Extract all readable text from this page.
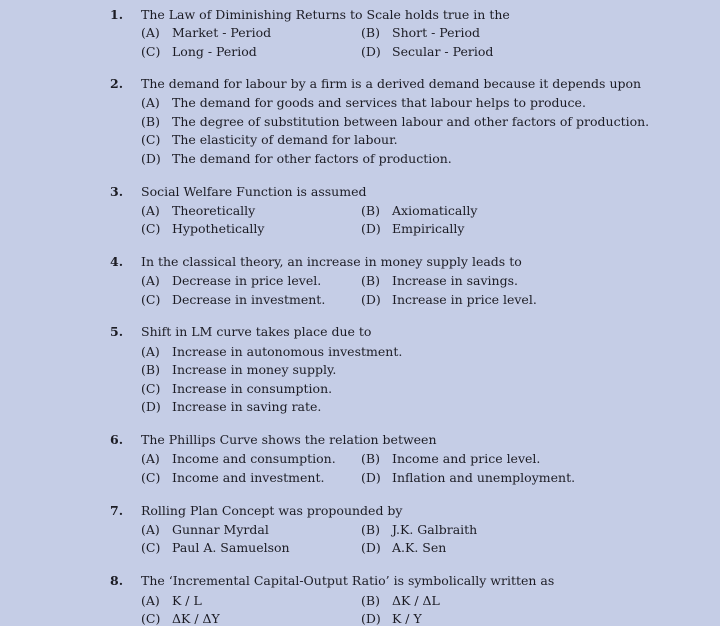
1. The Law of Diminishing Returns to Scale holds true in the
(A) Market - Period	(B) Short - Period
(C) Long - Period	(D) Secular - Period
2. The demand for labour by a firm is a derived demand because it depends upon
(A) The demand for goods and services that labour helps to produce.
(B) The degree of substitution between labour and other factors of production.
(C) The elasticity of demand for labour.
(D) The demand for other factors of production.
3. Social Welfare Function is assumed
(A) Theoretically	(B) Axiomatically
(C) Hypothetically	(D) Empirically
4. In the classical theory, an increase in money supply leads to
(A) Decrease in price level.	(B) Increase in savings.
(C) Decrease in investment.	(D) Increase in price level.
5. Shift in LM curve takes place due to
(A) Increase in autonomous investment.
(B) Increase in money supply.
(C) Increase in consumption.
(D) Increase in saving rate.
6. The Phillips Curve shows the relation between
(A) Income and consumption. (B) Income and price level.
(C) Income and investment.	(D) Inflation and unemployment.
7. Rolling Plan Concept was propounded by
(A) Gunnar Myrdal	(B) J.K. Galbraith
(C) Paul A. Samuelson	(D) A.K. Sen
8. The ‘Incremental Capital-Output Ratio’ is symbolically written as
(A) K / L	(B) ΔK / ΔL
(C) ΔK / ΔY	(D) K / Y
